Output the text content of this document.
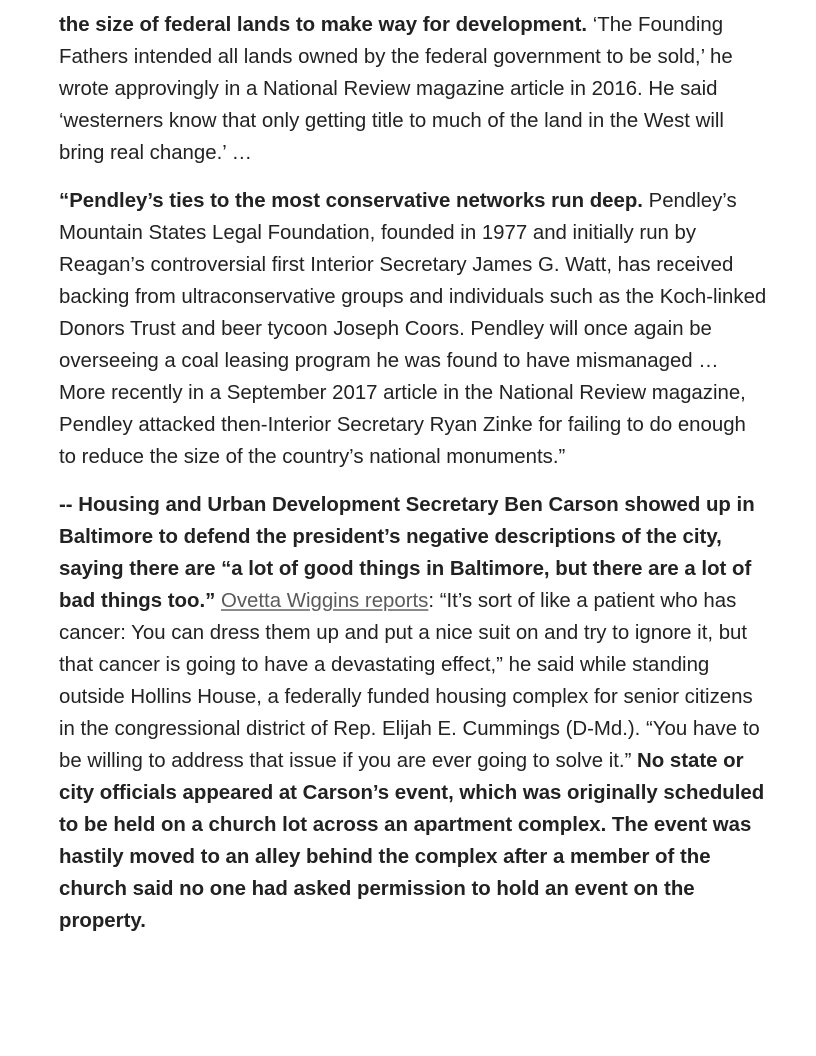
the size of federal lands to make way for development. ‘The Founding Fathers intended all lands owned by the federal government to be sold,’ he wrote approvingly in a National Review magazine article in 2016. He said ‘westerners know that only getting title to much of the land in the West will bring real change.’ …

“Pendley’s ties to the most conservative networks run deep. Pendley’s Mountain States Legal Foundation, founded in 1977 and initially run by Reagan’s controversial first Interior Secretary James G. Watt, has received backing from ultraconservative groups and individuals such as the Koch-linked Donors Trust and beer tycoon Joseph Coors. Pendley will once again be overseeing a coal leasing program he was found to have mismanaged … More recently in a September 2017 article in the National Review magazine, Pendley attacked then-Interior Secretary Ryan Zinke for failing to do enough to reduce the size of the country’s national monuments.”

-- Housing and Urban Development Secretary Ben Carson showed up in Baltimore to defend the president’s negative descriptions of the city, saying there are “a lot of good things in Baltimore, but there are a lot of bad things too.” Ovetta Wiggins reports: “It’s sort of like a patient who has cancer: You can dress them up and put a nice suit on and try to ignore it, but that cancer is going to have a devastating effect,” he said while standing outside Hollins House, a federally funded housing complex for senior citizens in the congressional district of Rep. Elijah E. Cummings (D-Md.). “You have to be willing to address that issue if you are ever going to solve it.” No state or city officials appeared at Carson’s event, which was originally scheduled to be held on a church lot across an apartment complex. The event was hastily moved to an alley behind the complex after a member of the church said no one had asked permission to hold an event on the property.
